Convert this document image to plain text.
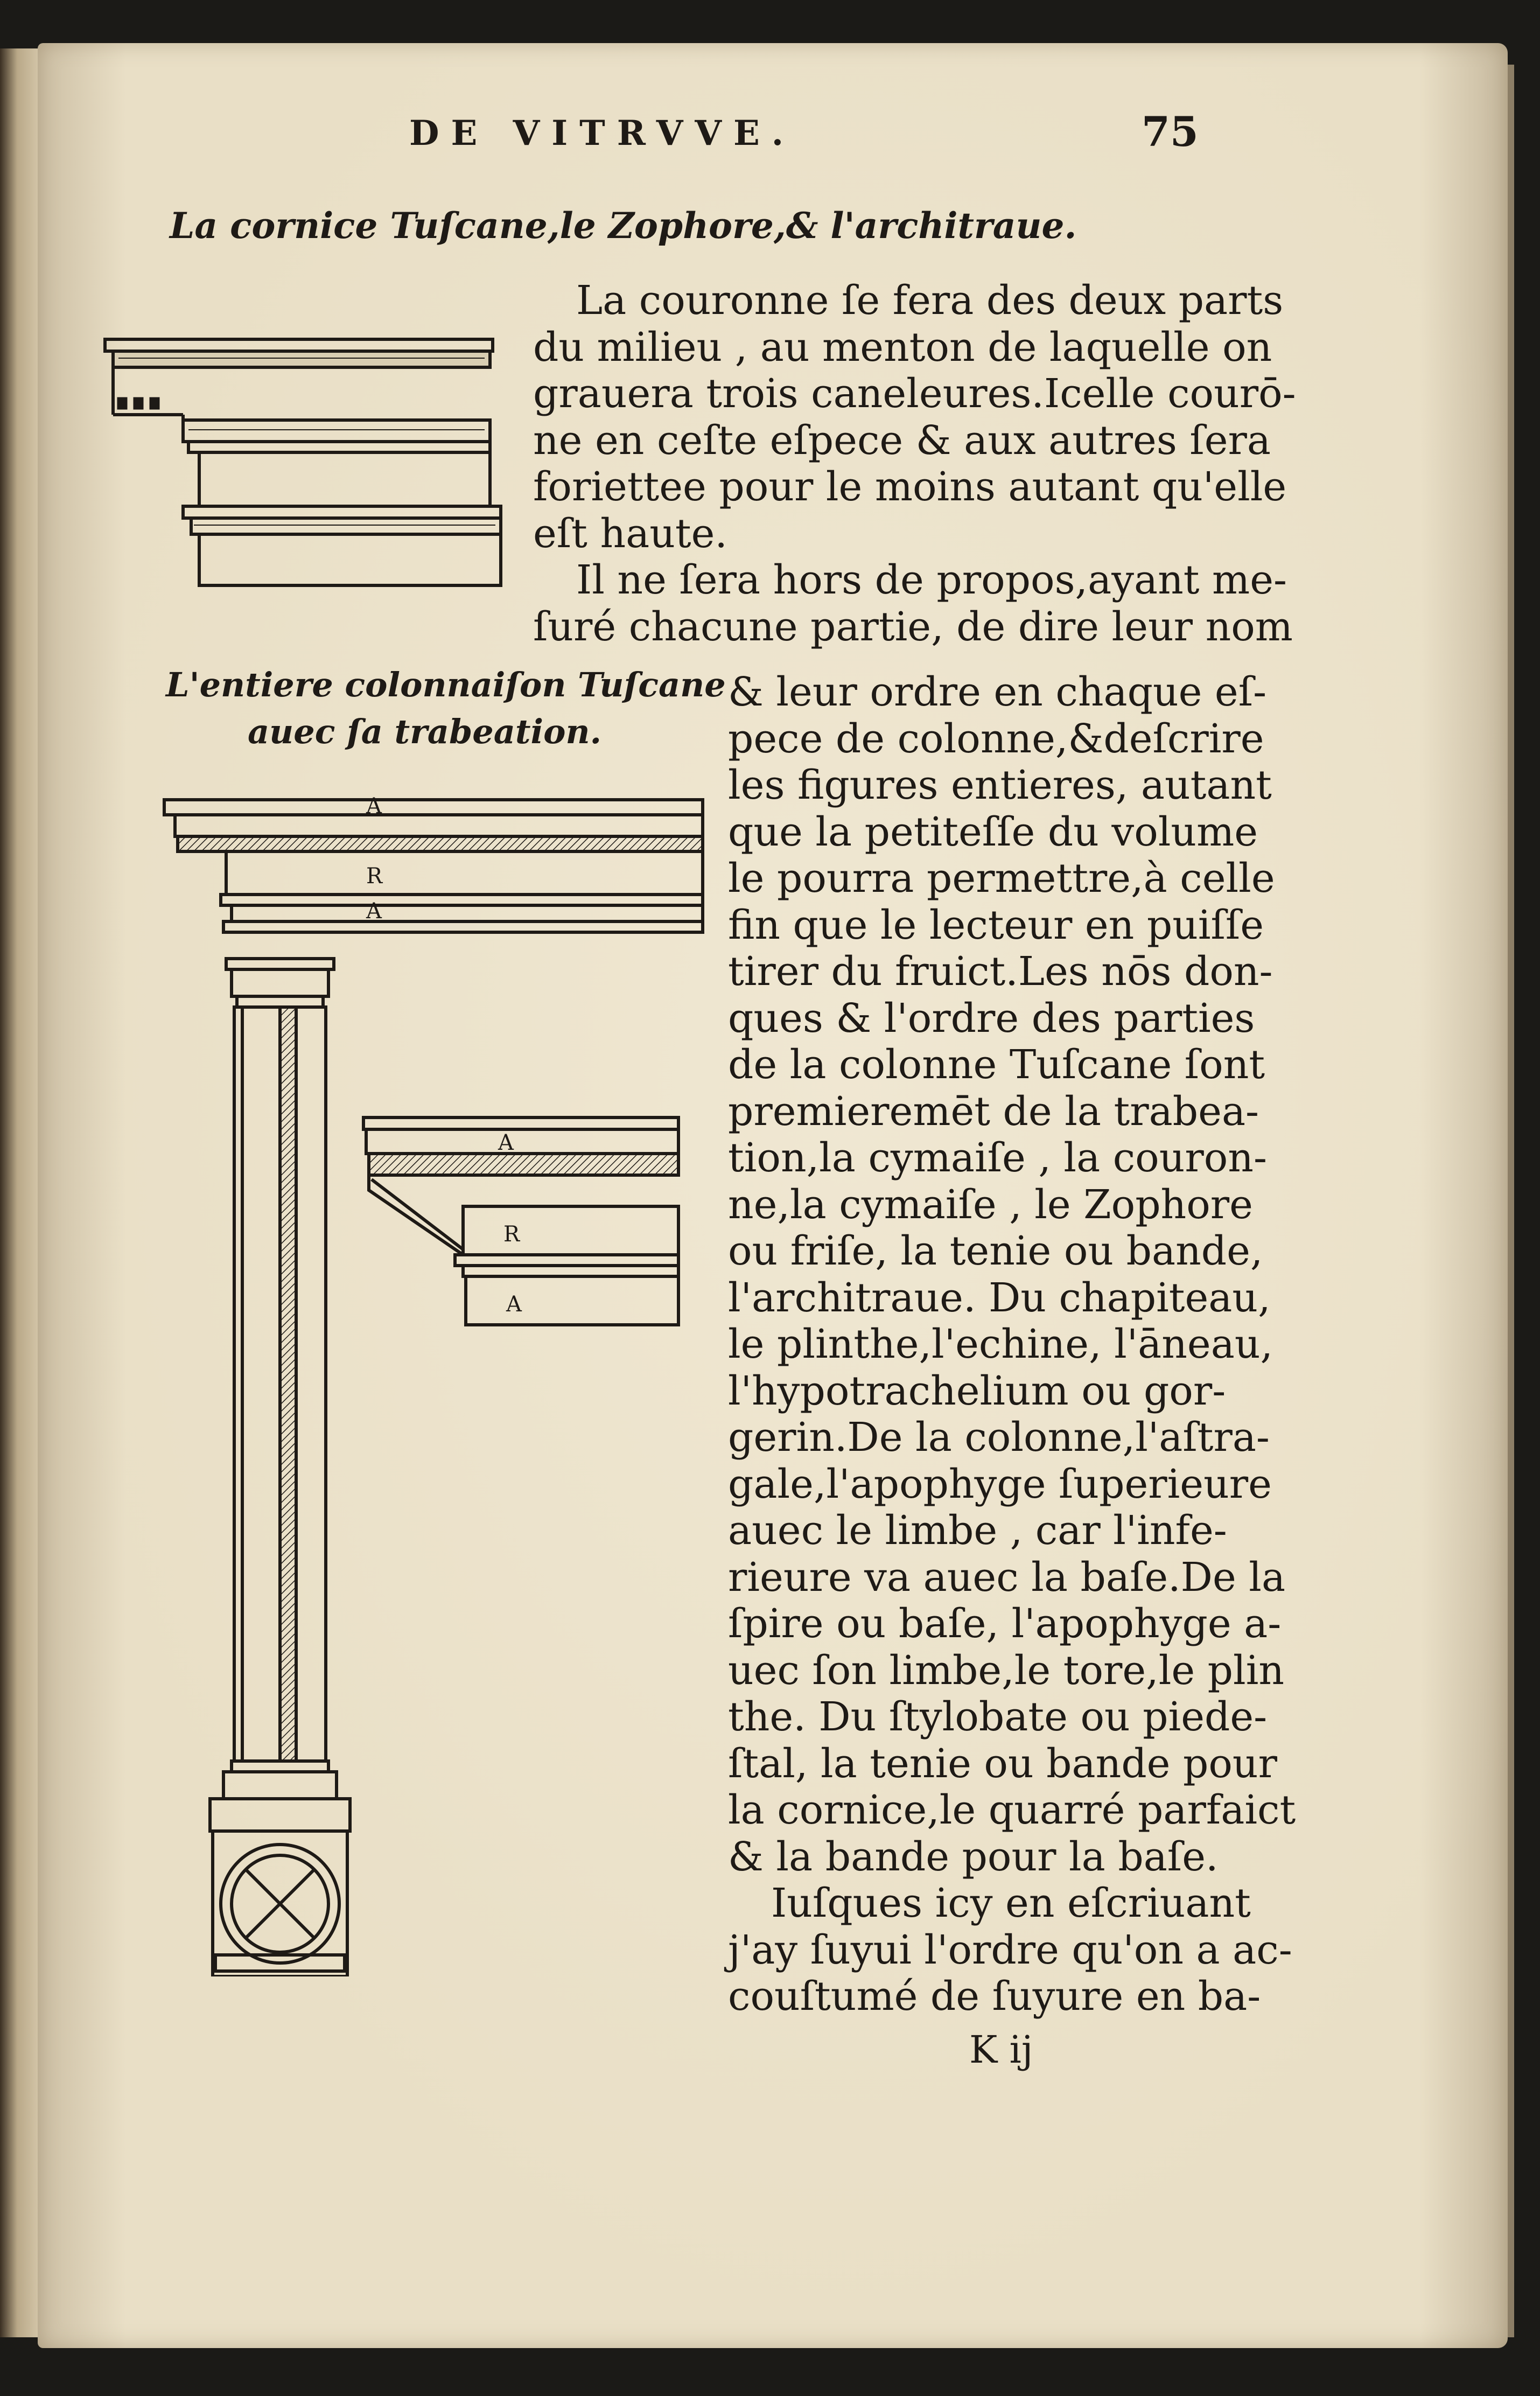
DE VITRVVE.	75
La cornice Tuſcane,le Zophore,& l'architraue.
L'entiere colonnaiſon Tuſcane
auec ſa trabeation.
A
R
A
A
R
A
La couronne ſe fera des deux parts
du milieu , au menton de laquelle on
grauera trois caneleures.Icelle courō-
ne en ceſte eſpece & aux autres ſera
foriettee pour le moins autant qu'elle
eſt haute.
Il ne ſera hors de propos,ayant me-
ſuré chacune partie, de dire leur nom
& leur ordre en chaque eſ-
pece de colonne,&deſcrire
les figures entieres, autant
que la petiteſſe du volume
le pourra permettre,à celle
fin que le lecteur en puiſſe
tirer du fruict.Les nōs don-
ques & l'ordre des parties
de la colonne Tuſcane ſont
premieremēt de la trabea-
tion,la cymaiſe , la couron-
ne,la cymaiſe , le Zophore
ou friſe, la tenie ou bande,
l'architraue. Du chapiteau,
le plinthe,l'echine, l'āneau,
l'hypotrachelium ou gor-
gerin.De la colonne,l'aſtra-
gale,l'apophyge ſuperieure
auec le limbe , car l'infe-
rieure va auec la baſe.De la
ſpire ou baſe, l'apophyge a-
uec ſon limbe,le tore,le plin
the. Du ſtylobate ou piede-
ſtal, la tenie ou bande pour
la cornice,le quarré parfaict
& la bande pour la baſe.
Iuſques icy en eſcriuant
j'ay ſuyui l'ordre qu'on a ac-
couſtumé de ſuyure en ba-
K ij
